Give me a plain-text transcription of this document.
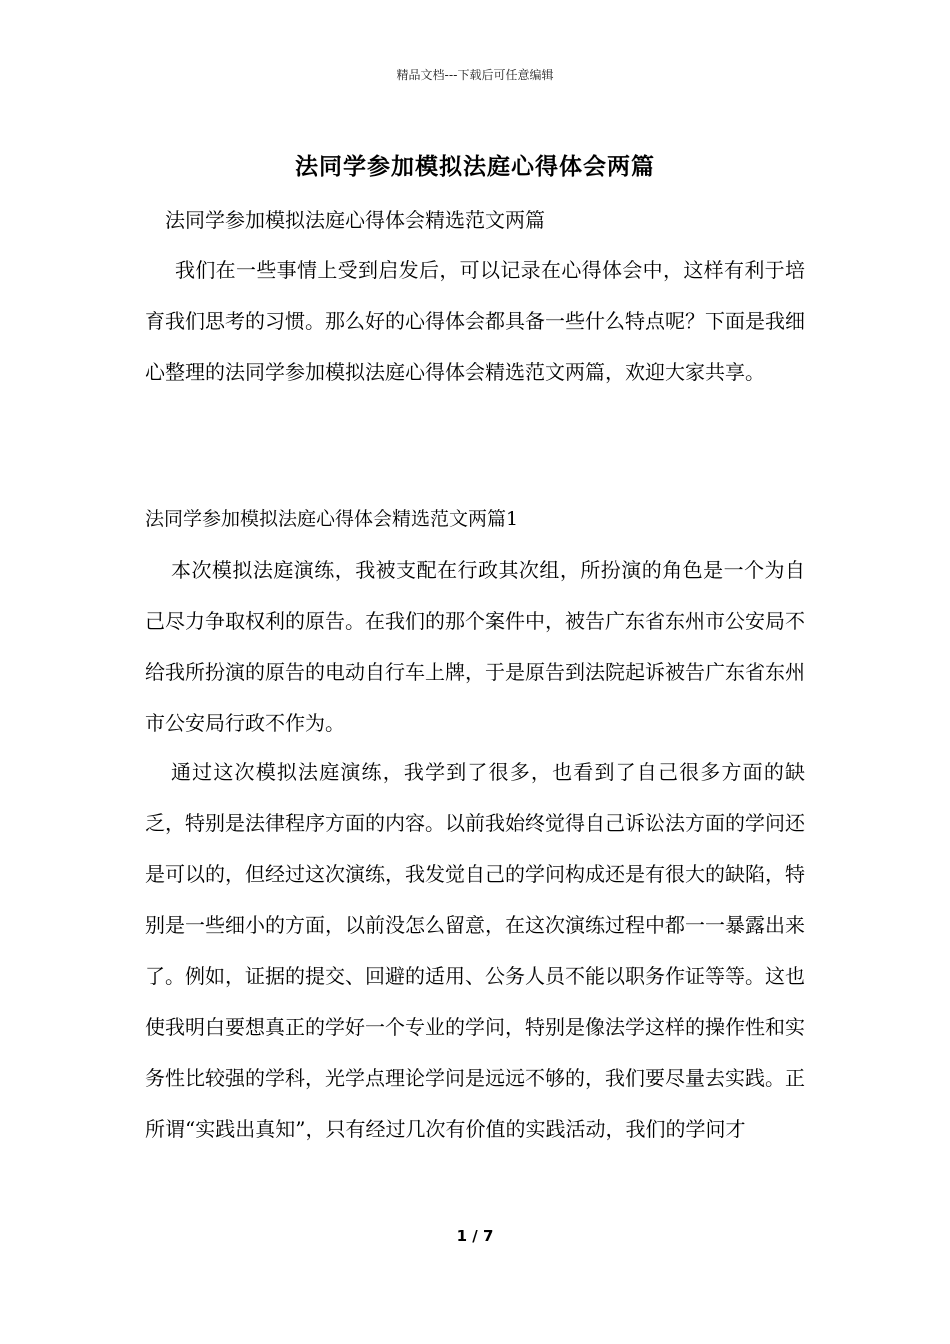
精品文档---下载后可任意编辑
法同学参加模拟法庭心得体会两篇
法同学参加模拟法庭心得体会精选范文两篇

我们在一些事情上受到启发后，可以记录在心得体会中，这样有利于培育我们思考的习惯。那么好的心得体会都具备一些什么特点呢？下面是我细心整理的法同学参加模拟法庭心得体会精选范文两篇，欢迎大家共享。

法同学参加模拟法庭心得体会精选范文两篇1

本次模拟法庭演练，我被支配在行政其次组，所扮演的角色是一个为自己尽力争取权利的原告。在我们的那个案件中，被告广东省东州市公安局不给我所扮演的原告的电动自行车上牌，于是原告到法院起诉被告广东省东州市公安局行政不作为。

通过这次模拟法庭演练，我学到了很多，也看到了自己很多方面的缺乏，特别是法律程序方面的内容。以前我始终觉得自己诉讼法方面的学问还是可以的，但经过这次演练，我发觉自己的学问构成还是有很大的缺陷，特别是一些细小的方面，以前没怎么留意，在这次演练过程中都一一暴露出来了。例如，证据的提交、回避的适用、公务人员不能以职务作证等等。这也使我明白要想真正的学好一个专业的学问，特别是像法学这样的操作性和实务性比较强的学科，光学点理论学问是远远不够的，我们要尽量去实践。正所谓“实践出真知”，只有经过几次有价值的实践活动，我们的学问才

1 / 7
